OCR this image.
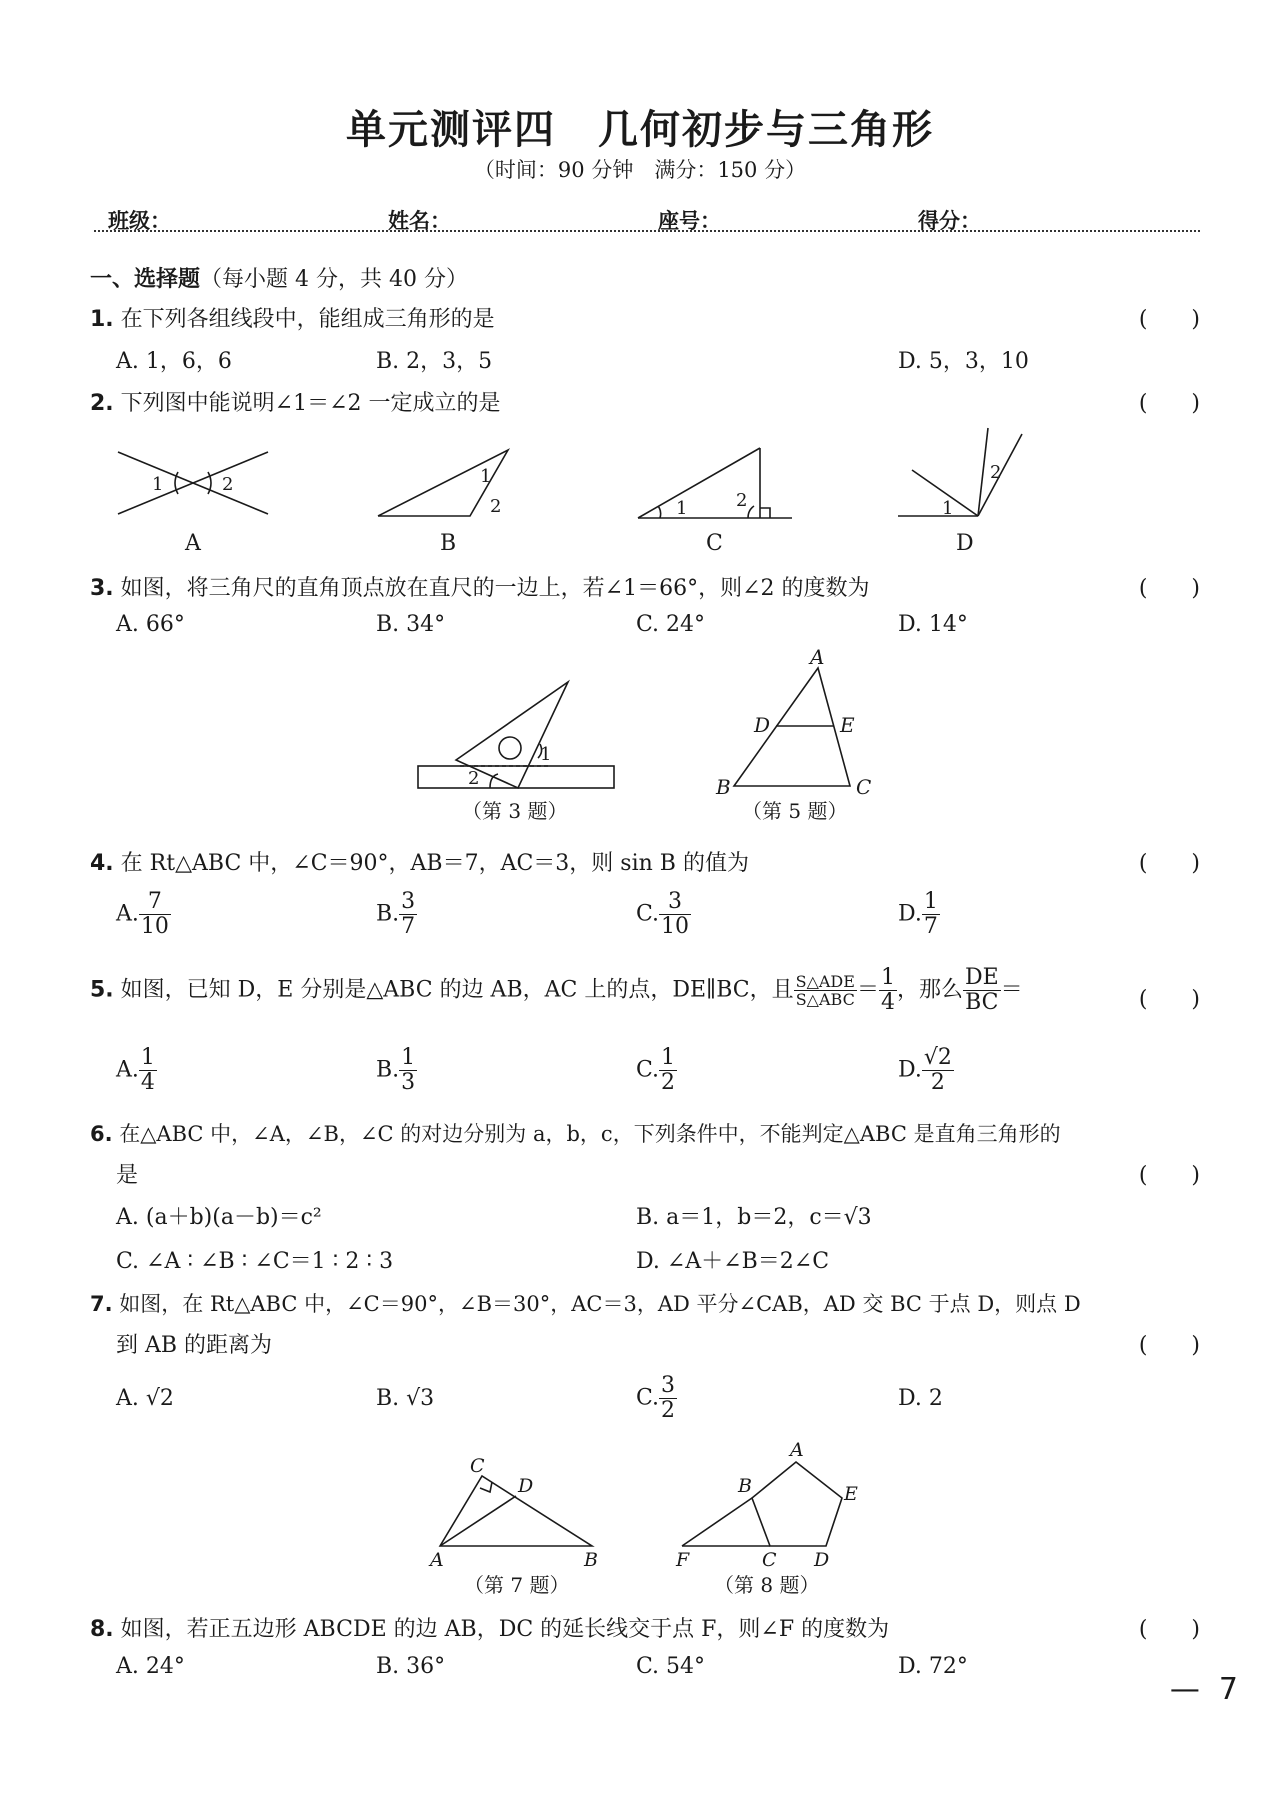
单元测评四　几何初步与三角形
（时间：90 分钟　满分：150 分）
班级：	姓名：	座号：	得分：
一、选择题（每小题 4 分，共 40 分）
1. 在下列各组线段中，能组成三角形的是	(　　)
A. 1，6，6	B. 2，3，5	D. 5，3，10
2. 下列图中能说明∠1＝∠2 一定成立的是	(　　)
1	2	1
2	1	2	1
2
A	B	C	D
3. 如图，将三角尺的直角顶点放在直尺的一边上，若∠1＝66°，则∠2 的度数为	(　　)
A. 66°	B. 34°	C. 24°	D. 14°
1
2
A
D	E
B	C
（第 3 题）	（第 5 题）
4. 在 Rt△ABC 中，∠C＝90°，AB＝7，AC＝3，则 sin B 的值为	(　　)
A. $\frac{7}{10}$	B. $\frac{3}{7}$	C. $\frac{3}{10}$	D. $\frac{1}{7}$
5. 如图，已知 D，E 分别是△ABC 的边 AB，AC 上的点，DE∥BC，且 $\frac{\text{S△ADE}}{\text{S△ABC}} = \frac{1}{4}$ ，那么 $\frac{DE}{BC}$ ＝	(　　)
A. $\frac{1}{4}$	B. $\frac{1}{3}$	C. $\frac{1}{2}$	D. $\frac{√2}{2}$
6. 在△ABC 中，∠A，∠B，∠C 的对边分别为 a，b，c，下列条件中，不能判定△ABC 是直角三角形的
是	(　　)
A. (a＋b)(a－b)＝c²	B. a＝1，b＝2，c＝√3
C. ∠A ∶ ∠B ∶ ∠C＝1 ∶ 2 ∶ 3	D. ∠A＋∠B＝2∠C
7. 如图，在 Rt△ABC 中，∠C＝90°，∠B＝30°，AC＝3，AD 平分∠CAB，AD 交 BC 于点 D，则点 D
到 AB 的距离为	(　　)
A. √2	B. √3	C. $\frac{3}{2}$	D. 2
C
D
A	B
A
B	E
F	C D
（第 7 题）	（第 8 题）
8. 如图，若正五边形 ABCDE 的边 AB，DC 的延长线交于点 F，则∠F 的度数为	(　　)
A. 24°	B. 36°	C. 54°	D. 72°
— 7
